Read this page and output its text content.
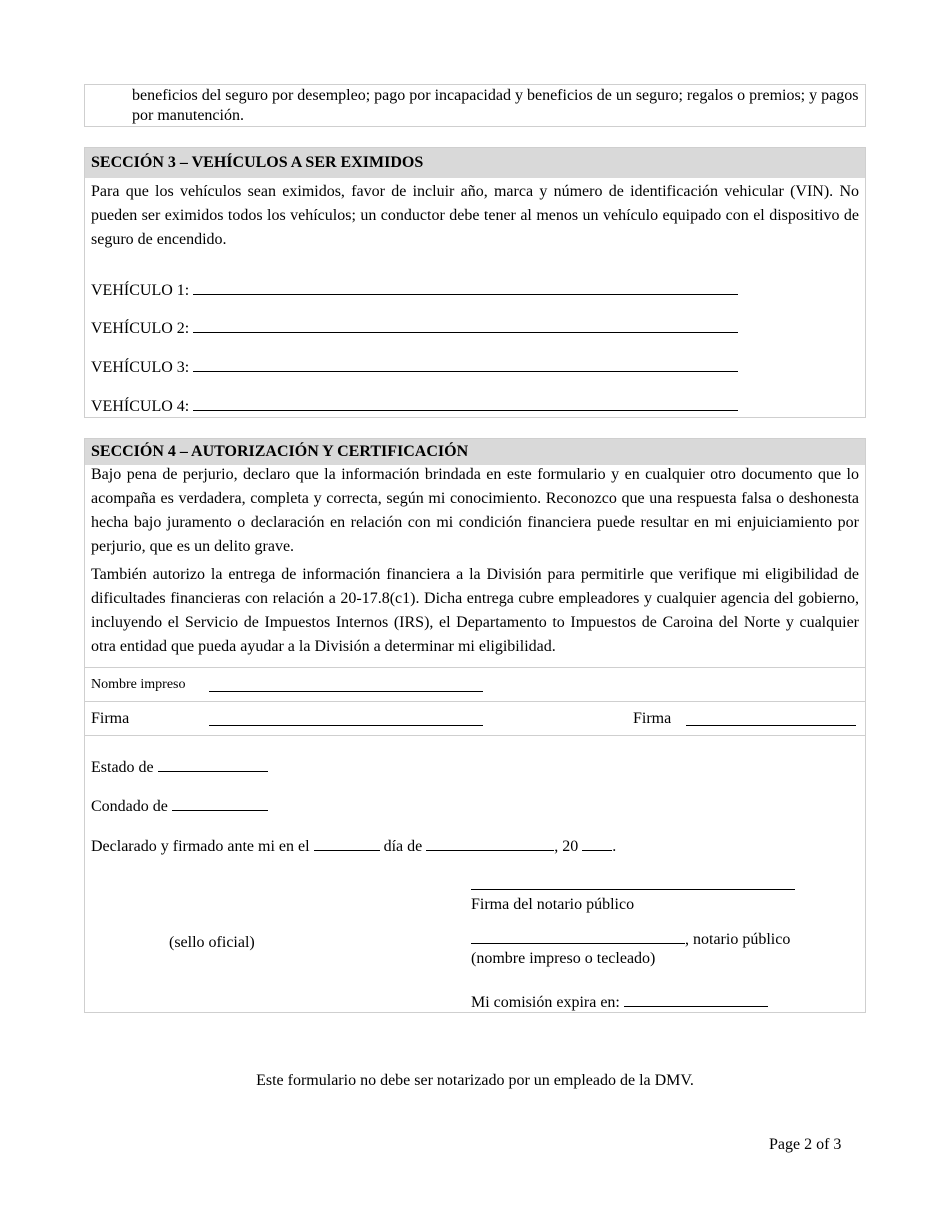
beneficios del seguro por desempleo; pago por incapacidad y beneficios de un seguro; regalos o premios; y pagos por manutención.
SECCIÓN 3 – VEHÍCULOS A SER EXIMIDOS
Para que los vehículos sean eximidos, favor de incluir año, marca y número de identificación vehicular (VIN). No pueden ser eximidos todos los vehículos; un conductor debe tener al menos un vehículo equipado con el dispositivo de seguro de encendido.
VEHÍCULO 1:
VEHÍCULO 2:
VEHÍCULO 3:
VEHÍCULO 4:
SECCIÓN 4 – AUTORIZACIÓN Y CERTIFICACIÓN
Bajo pena de perjurio, declaro que la información brindada en este formulario y en cualquier otro documento que lo acompaña es verdadera, completa y correcta, según mi conocimiento. Reconozco que una respuesta falsa o deshonesta hecha bajo juramento o declaración en relación con mi condición financiera puede resultar en mi enjuiciamiento por perjurio, que es un delito grave.
También autorizo la entrega de información financiera a la División para permitirle que verifique mi eligibilidad de dificultades financieras con relación a 20-17.8(c1). Dicha entrega cubre empleadores y cualquier agencia del gobierno, incluyendo el Servicio de Impuestos Internos (IRS), el Departamento to Impuestos de Caroina del Norte y cualquier otra entidad que pueda ayudar a la División a determinar mi eligibilidad.
Nombre impreso
Firma	Firma
Estado de
Condado de
Declarado y firmado ante mi en el	día de	, 20 .
Firma del notario público
(sello oficial)	, notario público
(nombre impreso o tecleado)
Mi comisión expira en:
Este formulario no debe ser notarizado por un empleado de la DMV.
Page 2 of 3
